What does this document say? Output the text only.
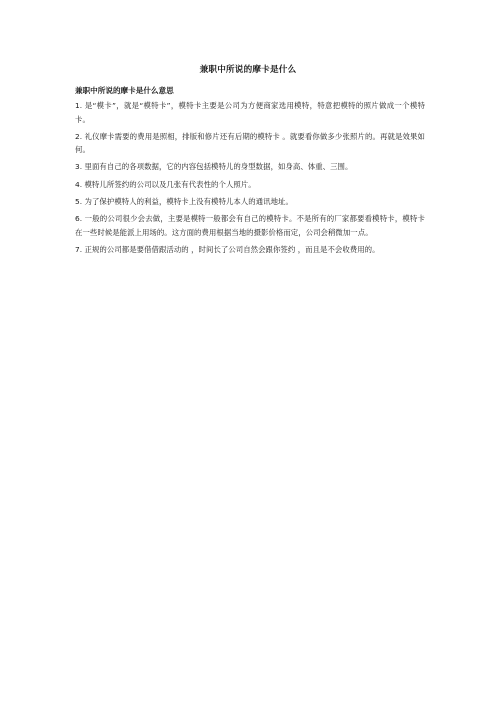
兼职中所说的摩卡是什么
兼职中所说的摩卡是什么意思
1. 是“模卡”，就是“模特卡”，模特卡主要是公司为方便商家选用模特，特意把模特的照片做成一个模特卡。
2. 礼仪摩卡需要的费用是照相，排版和修片还有后期的模特卡 。就要看你做多少张照片的。再就是效果如何。
3. 里面有自己的各项数据，它的内容包括模特儿的身型数据，如身高、体重、三围。
4. 模特儿所签约的公司以及几张有代表性的个人照片。
5. 为了保护模特人的利益，模特卡上没有模特儿本人的通讯地址。
6. 一般的公司很少会去做，主要是模特一般都会有自己的模特卡。不是所有的厂家都要看模特卡，模特卡在一些时候是能派上用场的。这方面的费用根据当地的摄影价格而定，公司会稍微加一点。
7. 正规的公司都是要借借跟活动的 ，时间长了公司自然会跟你签约 ，而且是不会收费用的。
